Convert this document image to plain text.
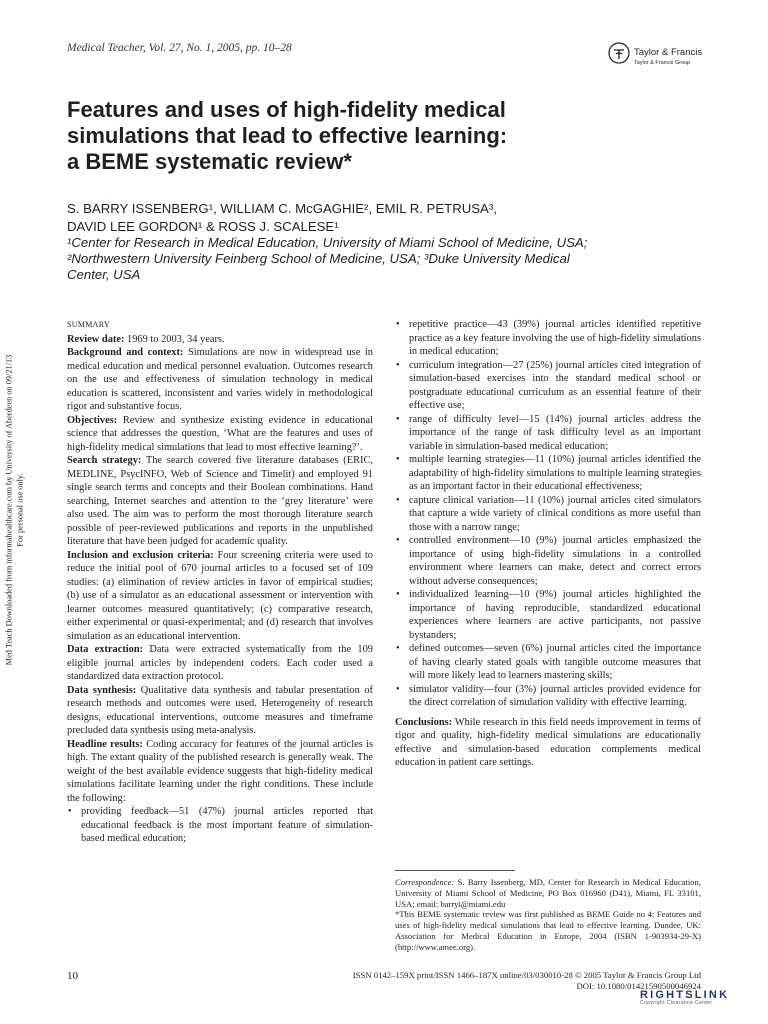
Medical Teacher, Vol. 27, No. 1, 2005, pp. 10–28	Taylor & Francis
Taylor & Francis Group
Med Teach Downloaded from informahealthcare.com by University of Aberdeen on 09/21/13 For personal use only.
Features and uses of high-fidelity medical
simulations that lead to effective learning:
a BEME systematic review*
S. BARRY ISSENBERG¹, WILLIAM C. McGAGHIE², EMIL R. PETRUSA³,
DAVID LEE GORDON¹ & ROSS J. SCALESE¹
¹Center for Research in Medical Education, University of Miami School of Medicine, USA;
²Northwestern University Feinberg School of Medicine, USA; ³Duke University Medical
Center, USA
SUMMARY

Review date: 1969 to 2003, 34 years.

Background and context: Simulations are now in widespread use in medical education and medical personnel evaluation. Outcomes research on the use and effectiveness of simulation technology in medical education is scattered, inconsistent and varies widely in methodological rigor and substantive focus.

Objectives: Review and synthesize existing evidence in educational science that addresses the question, ‘What are the features and uses of high-fidelity medical simulations that lead to most effective learning?’.

Search strategy: The search covered five literature databases (ERIC, MEDLINE, PsycINFO, Web of Science and Timelit) and employed 91 single search terms and concepts and their Boolean combinations. Hand searching, Internet searches and attention to the ‘grey literature’ were also used. The aim was to perform the most thorough literature search possible of peer-reviewed publications and reports in the unpublished literature that have been judged for academic quality.

Inclusion and exclusion criteria: Four screening criteria were used to reduce the initial pool of 670 journal articles to a focused set of 109 studies: (a) elimination of review articles in favor of empirical studies; (b) use of a simulator as an educational assessment or intervention with learner outcomes measured quantitatively; (c) comparative research, either experimental or quasi-experimental; and (d) research that involves simulation as an educational intervention.

Data extraction: Data were extracted systematically from the 109 eligible journal articles by independent coders. Each coder used a standardized data extraction protocol.

Data synthesis: Qualitative data synthesis and tabular presentation of research methods and outcomes were used. Heterogeneity of research designs, educational interventions, outcome measures and timeframe precluded data synthesis using meta-analysis.

Headline results: Coding accuracy for features of the journal articles is high. The extant quality of the published research is generally weak. The weight of the best available evidence suggests that high-fidelity medical simulations facilitate learning under the right conditions. These include the following:

• providing feedback—51 (47%) journal articles reported that educational feedback is the most important feature of simulation-based medical education;
• repetitive practice—43 (39%) journal articles identified repetitive practice as a key feature involving the use of high-fidelity simulations in medical education;
• curriculum integration—27 (25%) journal articles cited integration of simulation-based exercises into the standard medical school or postgraduate educational curriculum as an essential feature of their effective use;
• range of difficulty level—15 (14%) journal articles address the importance of the range of task difficulty level as an important variable in simulation-based medical education;
• multiple learning strategies—11 (10%) journal articles identified the adaptability of high-fidelity simulations to multiple learning strategies as an important factor in their educational effectiveness;
• capture clinical variation—11 (10%) journal articles cited simulators that capture a wide variety of clinical conditions as more useful than those with a narrow range;
• controlled environment—10 (9%) journal articles emphasized the importance of using high-fidelity simulations in a controlled environment where learners can make, detect and correct errors without adverse consequences;
• individualized learning—10 (9%) journal articles highlighted the importance of having reproducible, standardized educational experiences where learners are active participants, not passive bystanders;
• defined outcomes—seven (6%) journal articles cited the importance of having clearly stated goals with tangible outcome measures that will more likely lead to learners mastering skills;
• simulator validity—four (3%) journal articles provided evidence for the direct correlation of simulation validity with effective learning.

Conclusions: While research in this field needs improvement in terms of rigor and quality, high-fidelity medical simulations are educationally effective and simulation-based education complements medical education in patient care settings.

Correspondence: S. Barry Issenberg, MD, Center for Research in Medical Education, University of Miami School of Medicine, PO Box 016960 (D41), Miami, FL 33101, USA; email: barryi@miami.edu

*This BEME systematic review was first published as BEME Guide no 4: Features and uses of high-fidelity medical simulations that lead to effective learning. Dundee, UK: Association for Medical Education in Europe, 2004 (ISBN 1-903934-29-X) (http://www.amee.org).

10	ISSN 0142–159X print/ISSN 1466–187X online/03/030010-28 © 2005 Taylor & Francis Group Ltd
DOI: 10.1080/01421590500046924
RIGHTSLINK
Copyright Clearance Center
